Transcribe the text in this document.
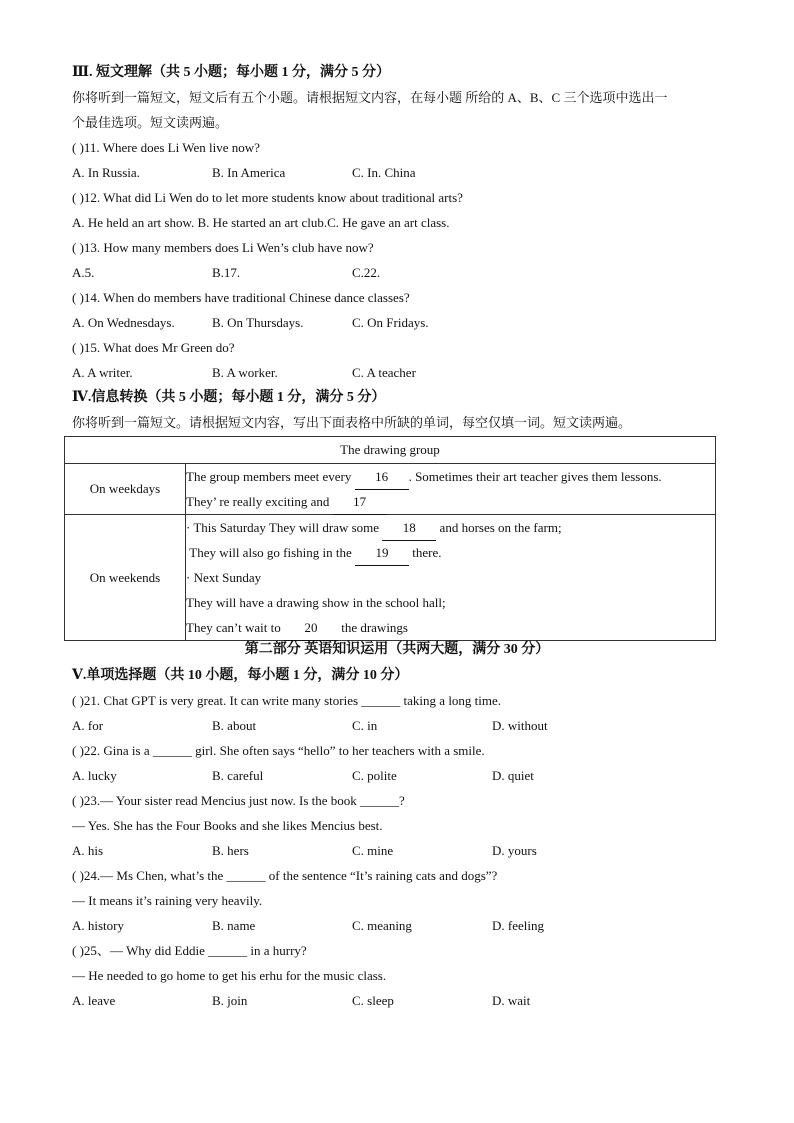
Ⅲ. 短文理解（共 5 小题；每小题 1 分，满分 5 分）
你将听到一篇短文，短文后有五个小题。请根据短文内容，在每小题 所给的 A、B、C 三个选项中选出一
个最佳选项。短文读两遍。
( )11. Where does Li Wen live now?
A. In Russia.	B. In America	C. In. China
( )12. What did Li Wen do to let more students know about traditional arts?
A. He held an art show. B. He started an art club.C. He gave an art class.
( )13. How many members does Li Wen’s club have now?
A.5.	B.17.	C.22.
( )14. When do members have traditional Chinese dance classes?
A. On Wednesdays.	B. On Thursdays.	C. On Fridays.
( )15. What does Mr Green do?
A. A writer.	B. A worker.	C. A teacher
Ⅳ.信息转换（共 5 小题；每小题 1 分，满分 5 分）
你将听到一篇短文。请根据短文内容，写出下面表格中所缺的单词，每空仅填一词。短文读两遍。
The drawing group	
On weekdays	The group members meet every 16 . Sometimes their art teacher gives them lessons.
They’ re really exciting and 17

On weekends	· This Saturday They will draw some 18 and horses on the farm;
They will also go fishing in the 19 there.
· Next Sunday
They will have a drawing show in the school hall;
They can’t wait to 20 the drawings
第二部分 英语知识运用（共两大题，满分 30 分）
Ⅴ.单项选择题（共 10 小题，每小题 1 分，满分 10 分）
( )21. Chat GPT is very great. It can write many stories ______ taking a long time.
A. for	B. about	C. in	D. without
( )22. Gina is a ______ girl. She often says “hello” to her teachers with a smile.
A. lucky	B. careful	C. polite	D. quiet
( )23.— Your sister read Mencius just now. Is the book ______?
— Yes. She has the Four Books and she likes Mencius best.
A. his	B. hers	C. mine	D. yours
( )24.— Ms Chen, what’s the ______ of the sentence “It’s raining cats and dogs”?
— It means it’s raining very heavily.
A. history	B. name	C. meaning	D. feeling
( )25、— Why did Eddie ______ in a hurry?
— He needed to go home to get his erhu for the music class.
A. leave	B. join	C. sleep	D. wait
